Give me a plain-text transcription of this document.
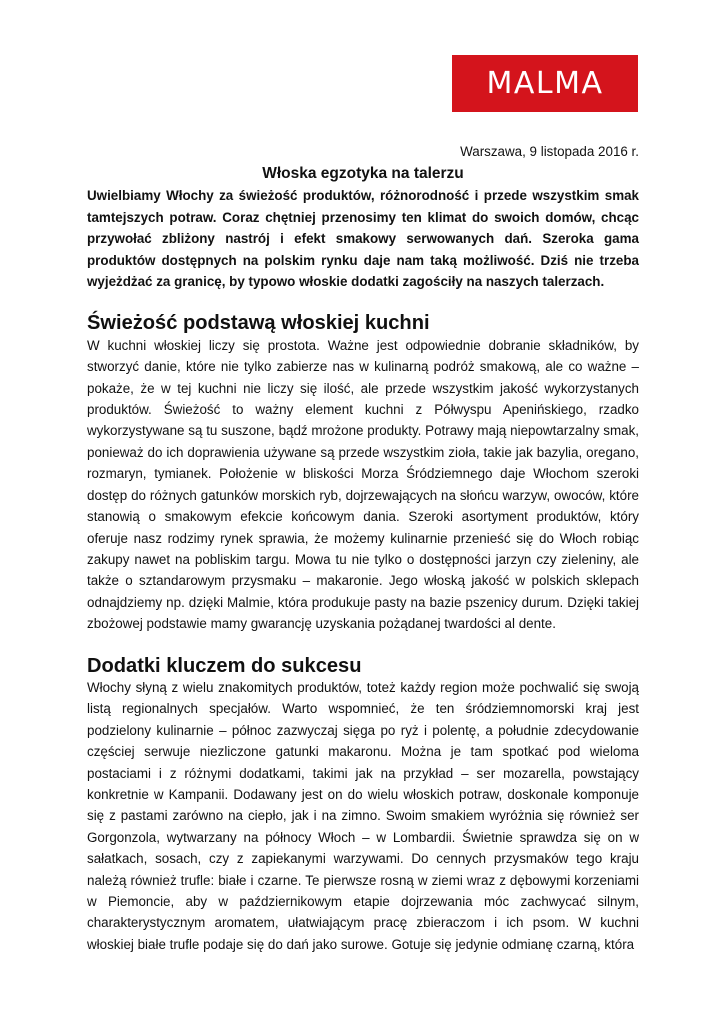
MALMA

Warszawa, 9 listopada 2016 r.

Włoska egzotyka na talerzu

Uwielbiamy Włochy za świeżość produktów, różnorodność i przede wszystkim smak tamtejszych potraw. Coraz chętniej przenosimy ten klimat do swoich domów, chcąc przywołać zbliżony nastrój i efekt smakowy serwowanych dań. Szeroka gama produktów dostępnych na polskim rynku daje nam taką możliwość. Dziś nie trzeba wyjeżdżać za granicę, by typowo włoskie dodatki zagościły na naszych talerzach.

Świeżość podstawą włoskiej kuchni

W kuchni włoskiej liczy się prostota. Ważne jest odpowiednie dobranie składników, by stworzyć danie, które nie tylko zabierze nas w kulinarną podróż smakową, ale co ważne – pokaże, że w tej kuchni nie liczy się ilość, ale przede wszystkim jakość wykorzystanych produktów. Świeżość to ważny element kuchni z Półwyspu Apenińskiego, rzadko wykorzystywane są tu suszone, bądź mrożone produkty. Potrawy mają niepowtarzalny smak, ponieważ do ich doprawienia używane są przede wszystkim zioła, takie jak bazylia, oregano, rozmaryn, tymianek. Położenie w bliskości Morza Śródziemnego daje Włochom szeroki dostęp do różnych gatunków morskich ryb, dojrzewających na słońcu warzyw, owoców, które stanowią o smakowym efekcie końcowym dania. Szeroki asortyment produktów, który oferuje nasz rodzimy rynek sprawia, że możemy kulinarnie przenieść się do Włoch robiąc zakupy nawet na pobliskim targu. Mowa tu nie tylko o dostępności jarzyn czy zieleniny, ale także o sztandarowym przysmaku – makaronie. Jego włoską jakość w polskich sklepach odnajdziemy np. dzięki Malmie, która produkuje pasty na bazie pszenicy durum. Dzięki takiej zbożowej podstawie mamy gwarancję uzyskania pożądanej twardości al dente.

Dodatki kluczem do sukcesu

Włochy słyną z wielu znakomitych produktów, toteż każdy region może pochwalić się swoją listą regionalnych specjałów. Warto wspomnieć, że ten śródziemnomorski kraj jest podzielony kulinarnie – północ zazwyczaj sięga po ryż i polentę, a południe zdecydowanie częściej serwuje niezliczone gatunki makaronu. Można je tam spotkać pod wieloma postaciami i z różnymi dodatkami, takimi jak na przykład – ser mozarella, powstający konkretnie w Kampanii. Dodawany jest on do wielu włoskich potraw, doskonale komponuje się z pastami zarówno na ciepło, jak i na zimno. Swoim smakiem wyróżnia się również ser Gorgonzola, wytwarzany na północy Włoch – w Lombardii. Świetnie sprawdza się on w sałatkach, sosach, czy z zapiekanymi warzywami. Do cennych przysmaków tego kraju należą również trufle: białe i czarne. Te pierwsze rosną w ziemi wraz z dębowymi korzeniami w Piemoncie, aby w październikowym etapie dojrzewania móc zachwycać silnym, charakterystycznym aromatem, ułatwiającym pracę zbieraczom i ich psom. W kuchni włoskiej białe trufle podaje się do dań jako surowe. Gotuje się jedynie odmianę czarną, która
